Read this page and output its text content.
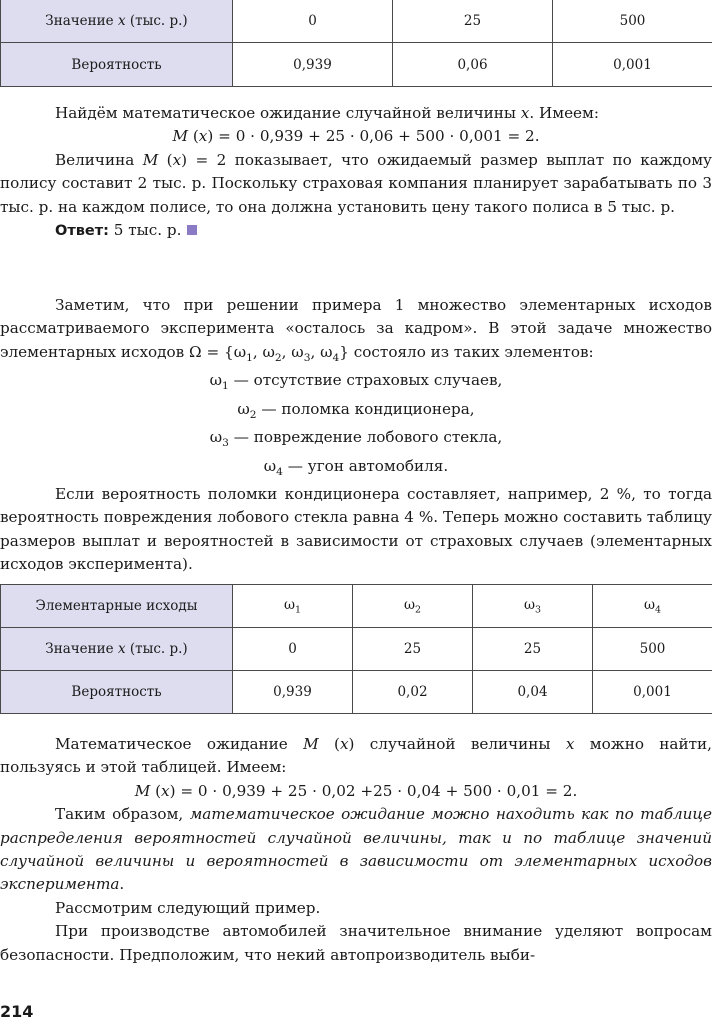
Значение x (тыс. р.)	0	25	500
Вероятность	0,939	0,06	0,001

Найдём математическое ожидание случайной величины x. Имеем:

M (x) = 0 · 0,939 + 25 · 0,06 + 500 · 0,001 = 2.

Величина M (x) = 2 показывает, что ожидаемый размер выплат по каждому полису составит 2 тыс. р. Поскольку страховая компания планирует зарабатывать по 3 тыс. р. на каждом полисе, то она должна установить цену такого полиса в 5 тыс. р.

Ответ: 5 тыс. р.

Заметим, что при решении примера 1 множество элементарных исходов рассматриваемого эксперимента «осталось за кадром». В этой задаче множество элементарных исходов $\Omega = \{\omega_1$, $\omega_2$, $\omega_3$, $\omega_4$} состояло из таких элементов:

$\omega_1$ — отсутствие страховых случаев,

$\omega_2$ — поломка кондиционера,

$\omega_3$ — повреждение лобового стекла,

$\omega_4$ — угон автомобиля.

Если вероятность поломки кондиционера составляет, например, 2 %, то тогда вероятность повреждения лобового стекла равна 4 %. Теперь можно составить таблицу размеров выплат и вероятностей в зависимости от страховых случаев (элементарных исходов эксперимента).

Элементарные исходы	$\omega_1$	$\omega_2$	$\omega_3$	$\omega_4$
Значение x (тыс. р.)	0	25	25	500
Вероятность	0,939	0,02	0,04	0,001

Математическое ожидание M (x) случайной величины x можно найти, пользуясь и этой таблицей. Имеем:

M (x) = 0 · 0,939 + 25 · 0,02 +25 · 0,04 + 500 · 0,01 = 2.

Таким образом, математическое ожидание можно находить как по таблице распределения вероятностей случайной величины, так и по таблице значений случайной величины и вероятностей в зависимости от элементарных исходов эксперимента.

Рассмотрим следующий пример.

При производстве автомобилей значительное внимание уделяют вопросам безопасности. Предположим, что некий автопроизводитель выби-

214
